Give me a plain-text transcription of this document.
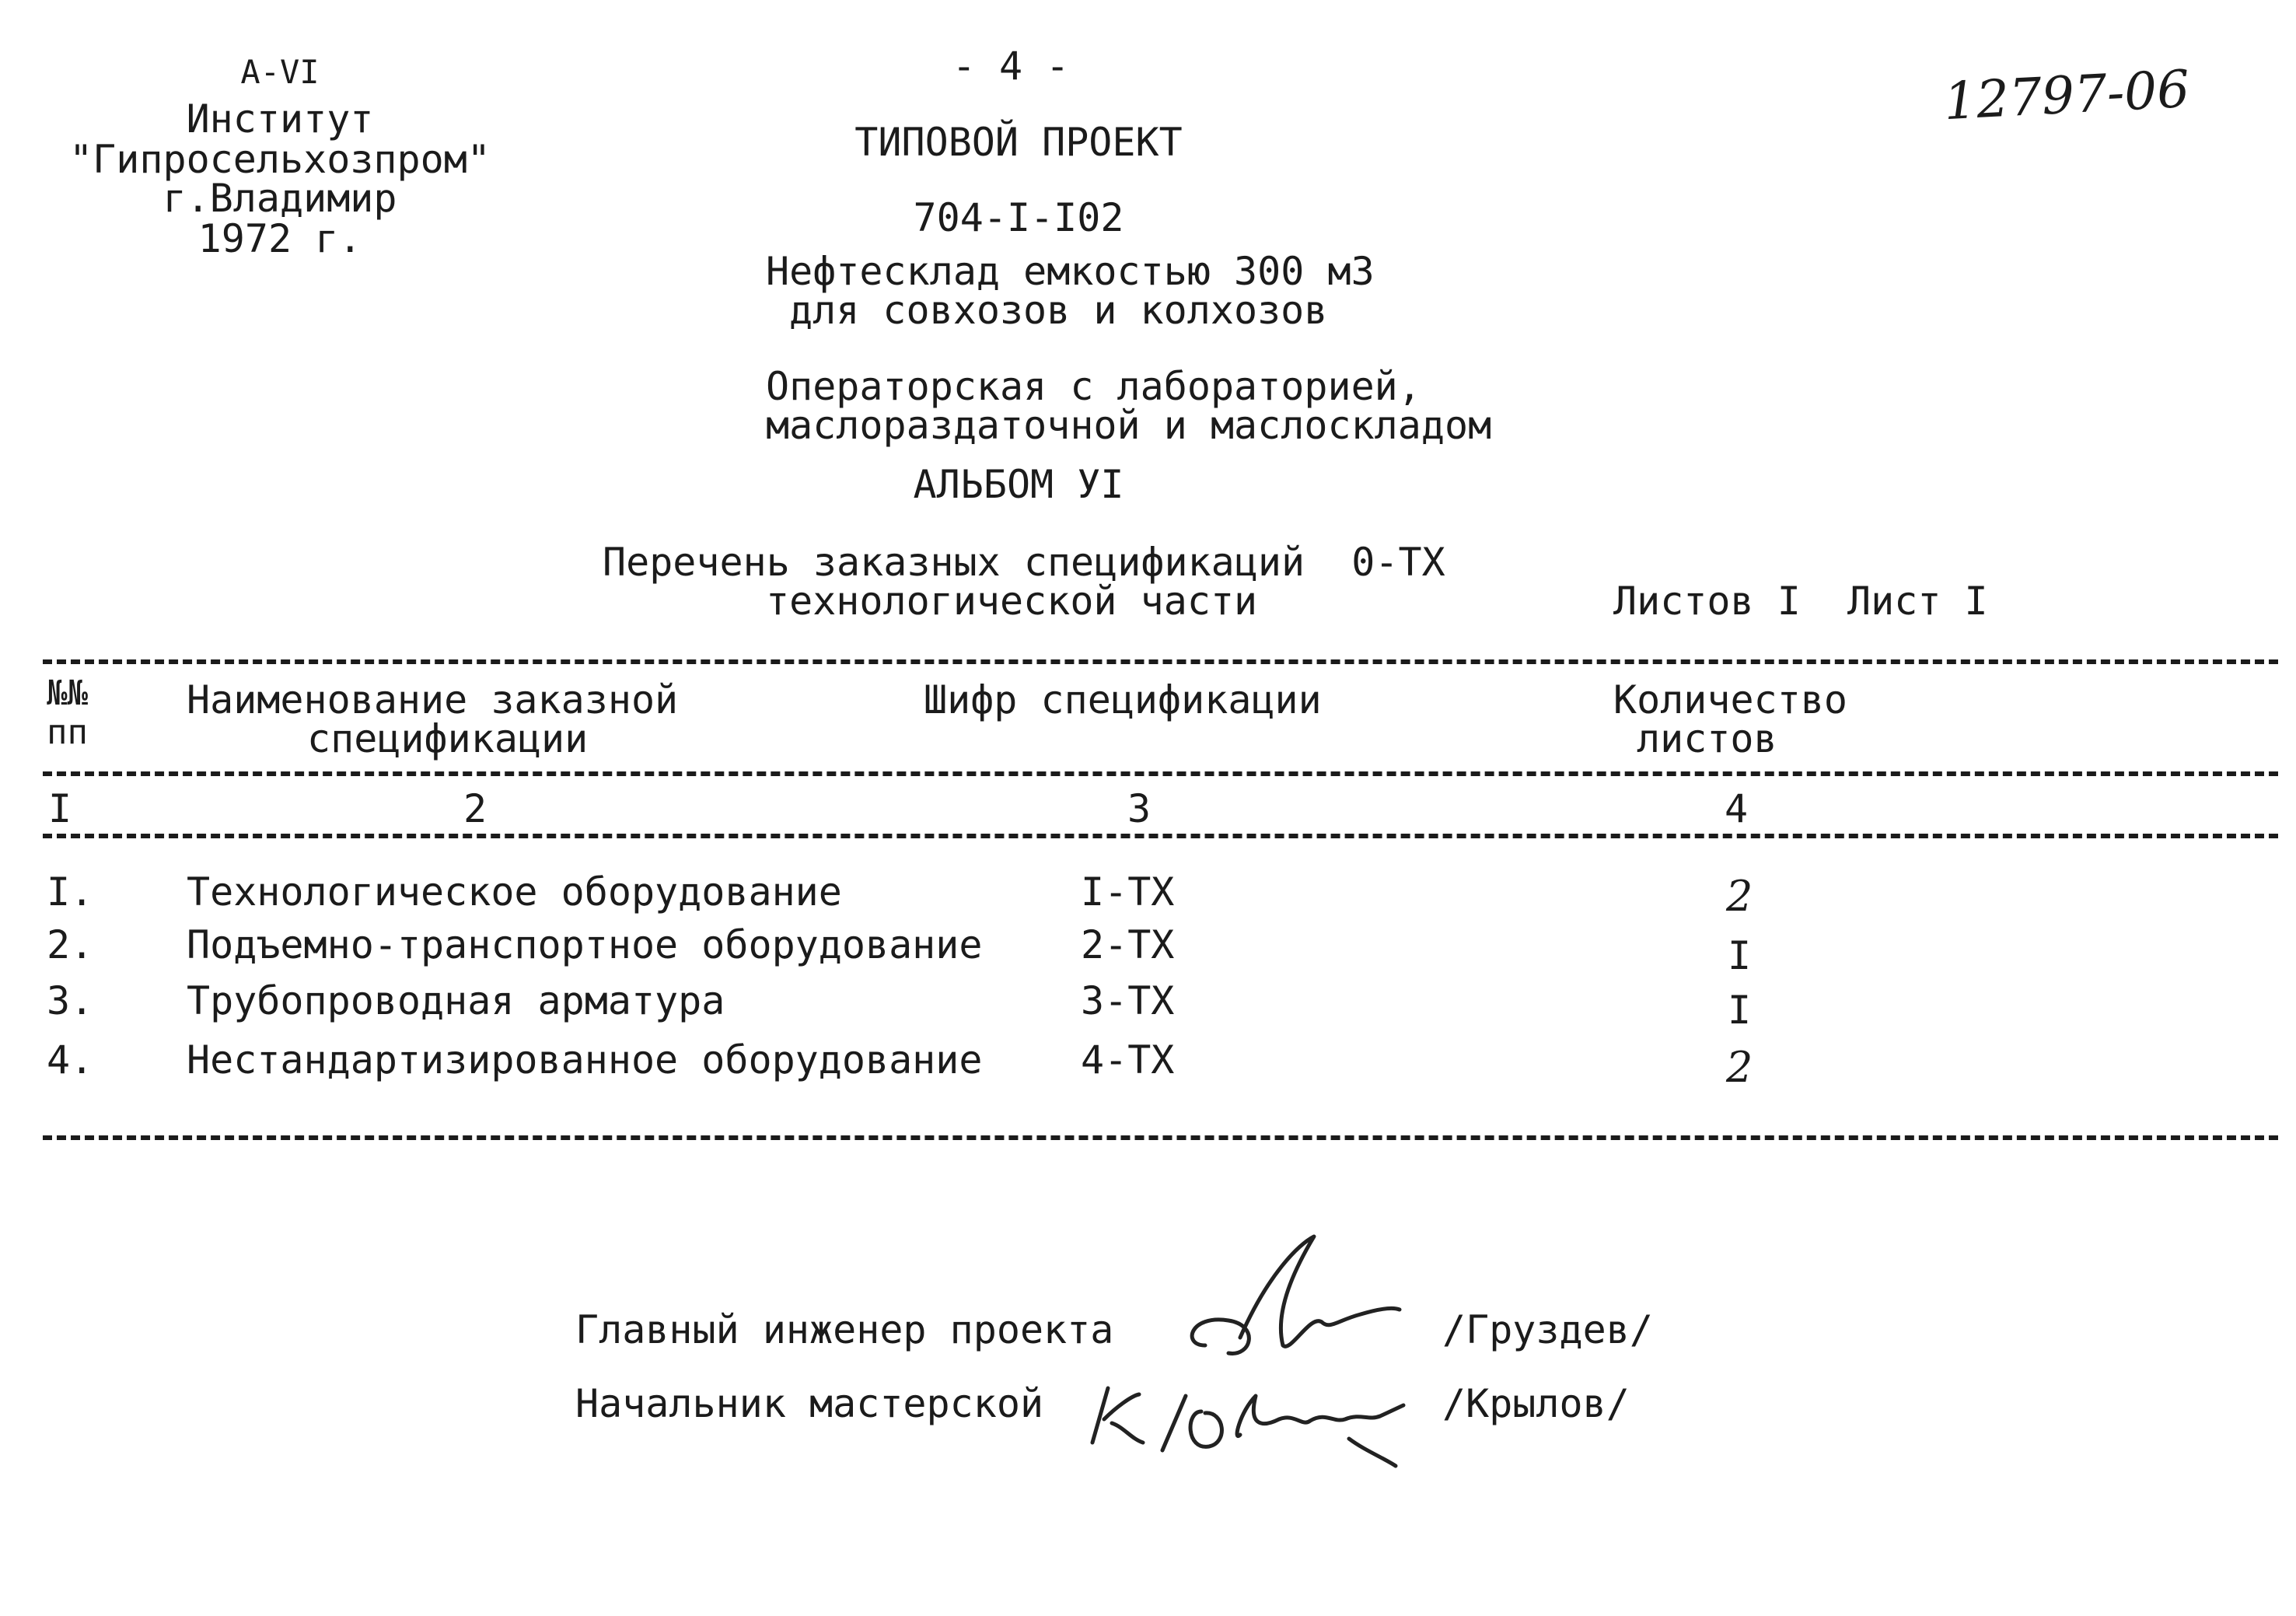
А-VI
Институт
"Гипросельхозпром"
г.Владимир
1972 г.
- 4 -	12797-06
ТИПОВОЙ ПРОЕКТ
704-I-I02
Нефтесклад емкостью 300 м3
для совхозов и колхозов
Операторская с лабораторией,
маслораздаточной и маслоскладом
АЛЬБОМ УI
Перечень заказных спецификаций  0-ТХ
технологической части	Листов I  Лист I
№№
пп
Наименование заказной
спецификации
Шифр спецификации	Количество
листов
I	2	3	4
I. Технологическое оборудование	I-ТХ	2
2. Подъемно-транспортное оборудование	2-ТХ	I
3. Трубопроводная арматура	3-ТХ	I
4. Нестандартизированное оборудование	4-ТХ	2
Главный инженер проекта	/Груздев/
Начальник мастерской	/Крылов/
